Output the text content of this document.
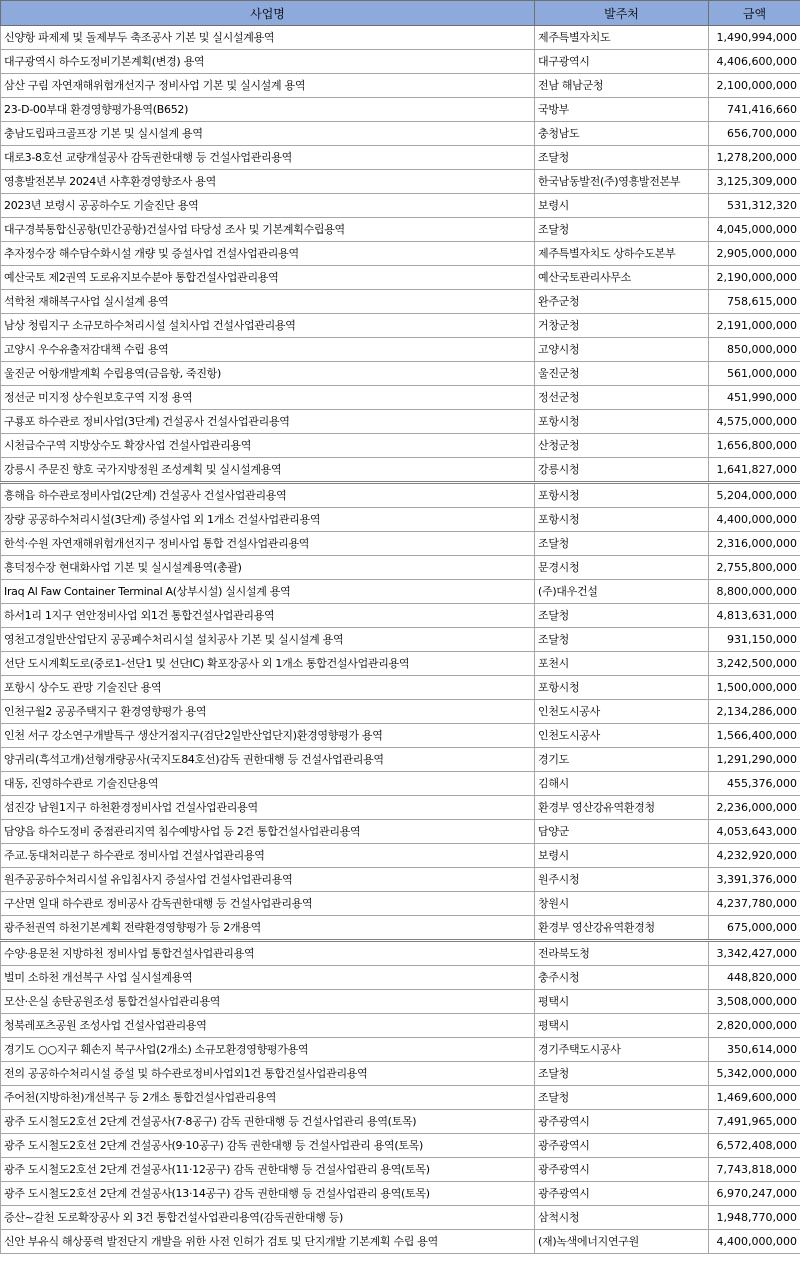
사업명	발주처	금액
신양항 파제제 및 돌제부두 축조공사 기본 및 실시설계용역	제주특별자치도	1,490,994,000
대구광역시 하수도정비기본계획(변경) 용역	대구광역시	4,406,600,000
삼산 구림 자연재해위험개선지구 정비사업 기본 및 실시설계 용역	전남 해남군청	2,100,000,000
23-D-00부대 환경영향평가용역(B652)	국방부	741,416,660
충남도립파크골프장 기본 및 실시설계 용역	충청남도	656,700,000
대로3-8호선 교량개설공사 감독권한대행 등 건설사업관리용역	조달청	1,278,200,000
영흥발전본부 2024년 사후환경영향조사 용역	한국남동발전(주)영흥발전본부	3,125,309,000
2023년 보령시 공공하수도 기술진단 용역	보령시	531,312,320
대구경북통합신공항(민간공항)건설사업 타당성 조사 및 기본계획수립용역	조달청	4,045,000,000
추자정수장 해수담수화시설 개량 및 증설사업 건설사업관리용역	제주특별자치도 상하수도본부	2,905,000,000
예산국토 제2권역 도로유지보수분야 통합건설사업관리용역	예산국토관리사무소	2,190,000,000
석학천 재해복구사업 실시설계 용역	완주군청	758,615,000
남상 청림지구 소규모하수처리시설 설치사업 건설사업관리용역	거창군청	2,191,000,000
고양시 우수유출저감대책 수립 용역	고양시청	850,000,000
울진군 어항개발계획 수립용역(금음항, 죽진항)	울진군청	561,000,000
정선군 미지정 상수원보호구역 지정 용역	정선군청	451,990,000
구룡포 하수관로 정비사업(3단계) 건설공사 건설사업관리용역	포항시청	4,575,000,000
시천급수구역 지방상수도 확장사업 건설사업관리용역	산청군청	1,656,800,000
강릉시 주문진 향호 국가지방정원 조성계획 및 실시설계용역	강릉시청	1,641,827,000
흥해읍 하수관로정비사업(2단계) 건설공사 건설사업관리용역	포항시청	5,204,000,000
장량 공공하수처리시설(3단계) 증설사업 외 1개소 건설사업관리용역	포항시청	4,400,000,000
한석·수원 자연재해위험개선지구 정비사업 통합 건설사업관리용역	조달청	2,316,000,000
흥덕정수장 현대화사업 기본 및 실시설계용역(총괄)	문경시청	2,755,800,000
Iraq Al Faw Container Terminal A(상부시설) 실시설계 용역	(주)대우건설	8,800,000,000
하서1리 1지구 연안정비사업 외1건 통합건설사업관리용역	조달청	4,813,631,000
영천고경일반산업단지 공공폐수처리시설 설치공사 기본 및 실시설계 용역	조달청	931,150,000
선단 도시계획도로(중로1-선단1 및 선단IC) 확포장공사 외 1개소 통합건설사업관리용역	포천시	3,242,500,000
포항시 상수도 관망 기술진단 용역	포항시청	1,500,000,000
인천구월2 공공주택지구 환경영향평가 용역	인천도시공사	2,134,286,000
인천 서구 강소연구개발특구 생산거점지구(검단2일반산업단지)환경영향평가 용역	인천도시공사	1,566,400,000
양귀리(흑석고개)선형개량공사(국지도84호선)감독 권한대행 등 건설사업관리용역	경기도	1,291,290,000
대동, 진영하수관로 기술진단용역	김해시	455,376,000
섬진강 남원1지구 하천환경정비사업 건설사업관리용역	환경부 영산강유역환경청	2,236,000,000
담양읍 하수도정비 중점관리지역 침수예방사업 등 2건 통합건설사업관리용역	담양군	4,053,643,000
주교.동대처리분구 하수관로 정비사업 건설사업관리용역	보령시	4,232,920,000
원주공공하수처리시설 유입침사지 증설사업 건설사업관리용역	원주시청	3,391,376,000
구산면 일대 하수관로 정비공사 감독권한대행 등 건설사업관리용역	창원시	4,237,780,000
광주천권역 하천기본계획 전략환경영향평가 등 2개용역	환경부 영산강유역환경청	675,000,000
수양·용문천 지방하천 정비사업 통합건설사업관리용역	전라북도청	3,342,427,000
벌미 소하천 개선복구 사업 실시설계용역	충주시청	448,820,000
모산·은실 송탄공원조성 통합건설사업관리용역	평택시	3,508,000,000
청북레포츠공원 조성사업 건설사업관리용역	평택시	2,820,000,000
경기도 ○○지구 훼손지 복구사업(2개소) 소규모환경영향평가용역	경기주택도시공사	350,614,000
전의 공공하수처리시설 증설 및 하수관로정비사업외1건 통합건설사업관리용역	조달청	5,342,000,000
주어천(지방하천)개선복구 등 2개소 통합건설사업관리용역	조달청	1,469,600,000
광주 도시철도2호선 2단계 건설공사(7·8공구) 감독 권한대행 등 건설사업관리 용역(토목)	광주광역시	7,491,965,000
광주 도시철도2호선 2단계 건설공사(9·10공구) 감독 권한대행 등 건설사업관리 용역(토목)	광주광역시	6,572,408,000
광주 도시철도2호선 2단계 건설공사(11·12공구) 감독 권한대행 등 건설사업관리 용역(토목)	광주광역시	7,743,818,000
광주 도시철도2호선 2단계 건설공사(13·14공구) 감독 권한대행 등 건설사업관리 용역(토목)	광주광역시	6,970,247,000
증산~갈천 도로확장공사 외 3건 통합건설사업관리용역(감독권한대행 등)	삼척시청	1,948,770,000
신안 부유식 해상풍력 발전단지 개발을 위한 사전 인허가 검토 및 단지개발 기본계획 수립 용역	(재)녹색에너지연구원	4,400,000,000
